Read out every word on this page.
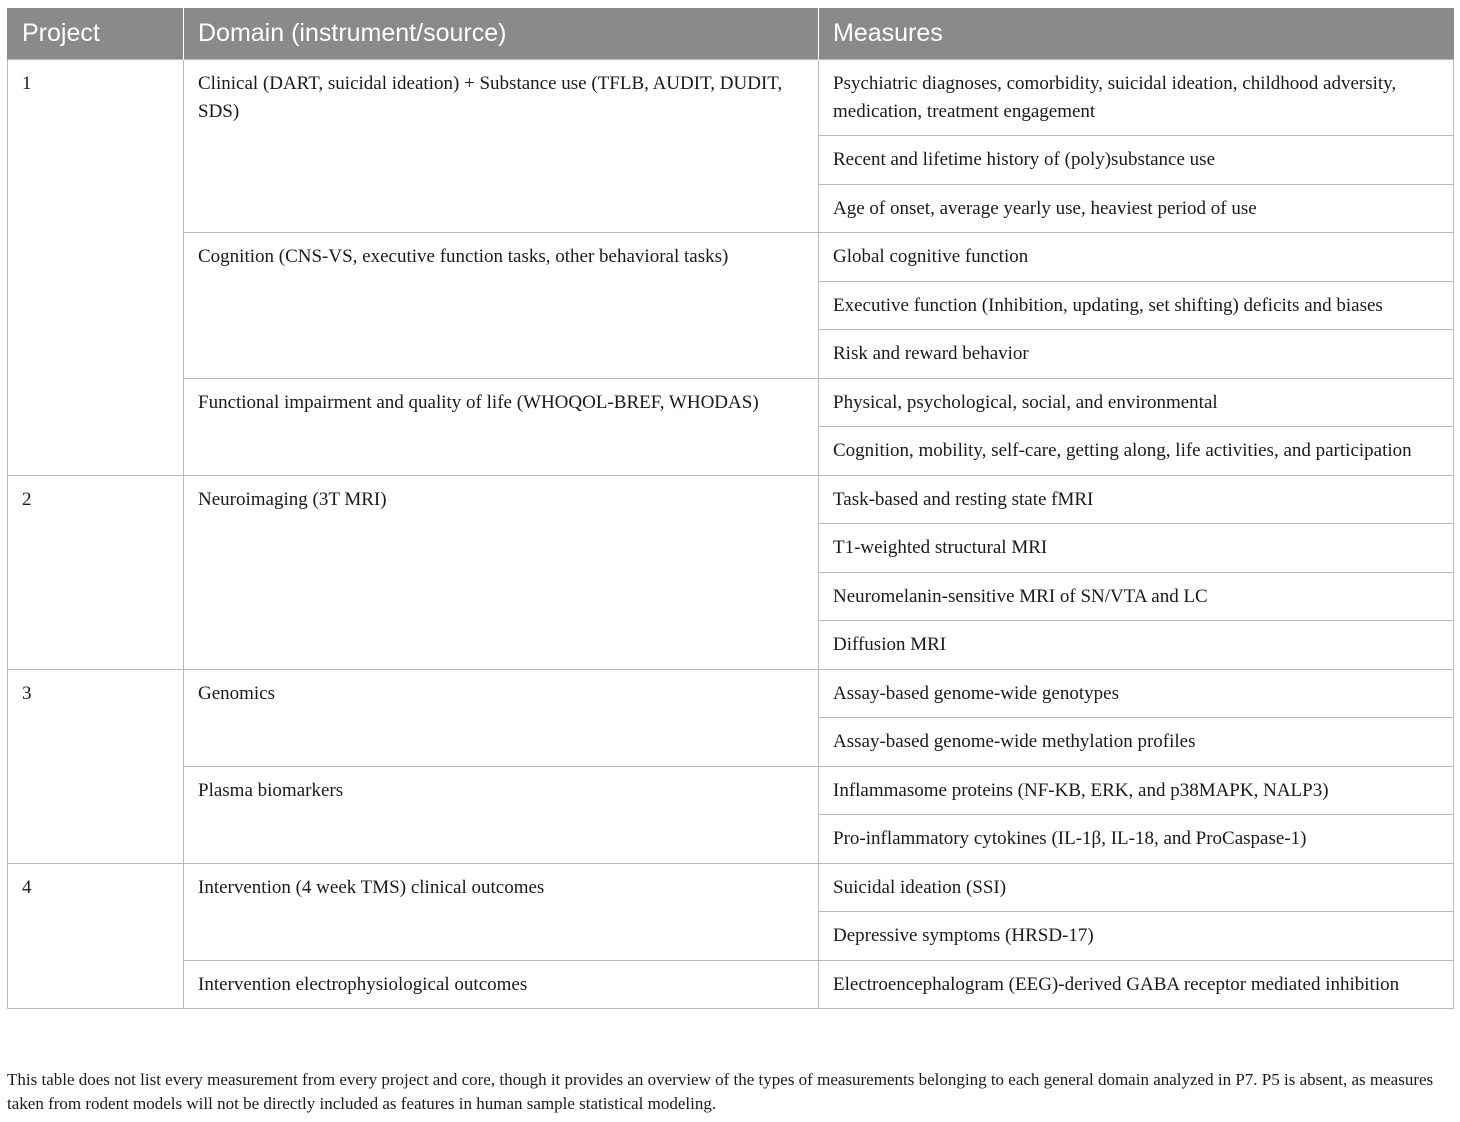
Project	Domain (instrument/source)	Measures
1	Clinical (DART, suicidal ideation) + Substance use (TFLB, AUDIT, DUDIT, SDS)	Psychiatric diagnoses, comorbidity, suicidal ideation, childhood adversity, medication, treatment engagement
		Recent and lifetime history of (poly)substance use
		Age of onset, average yearly use, heaviest period of use
	Cognition (CNS-VS, executive function tasks, other behavioral tasks)	Global cognitive function
		Executive function (Inhibition, updating, set shifting) deficits and biases
		Risk and reward behavior
	Functional impairment and quality of life (WHOQOL-BREF, WHODAS)	Physical, psychological, social, and environmental
		Cognition, mobility, self-care, getting along, life activities, and participation
2	Neuroimaging (3T MRI)	Task-based and resting state fMRI
		T1-weighted structural MRI
		Neuromelanin-sensitive MRI of SN/VTA and LC
		Diffusion MRI
3	Genomics	Assay-based genome-wide genotypes
		Assay-based genome-wide methylation profiles
	Plasma biomarkers	Inflammasome proteins (NF-KB, ERK, and p38MAPK, NALP3)
		Pro-inflammatory cytokines (IL-1β, IL-18, and ProCaspase-1)
4	Intervention (4 week TMS) clinical outcomes	Suicidal ideation (SSI)
		Depressive symptoms (HRSD-17)
	Intervention electrophysiological outcomes	Electroencephalogram (EEG)-derived GABA receptor mediated inhibition
This table does not list every measurement from every project and core, though it provides an overview of the types of measurements belonging to each general domain analyzed in P7. P5 is absent, as measures taken from rodent models will not be directly included as features in human sample statistical modeling.
